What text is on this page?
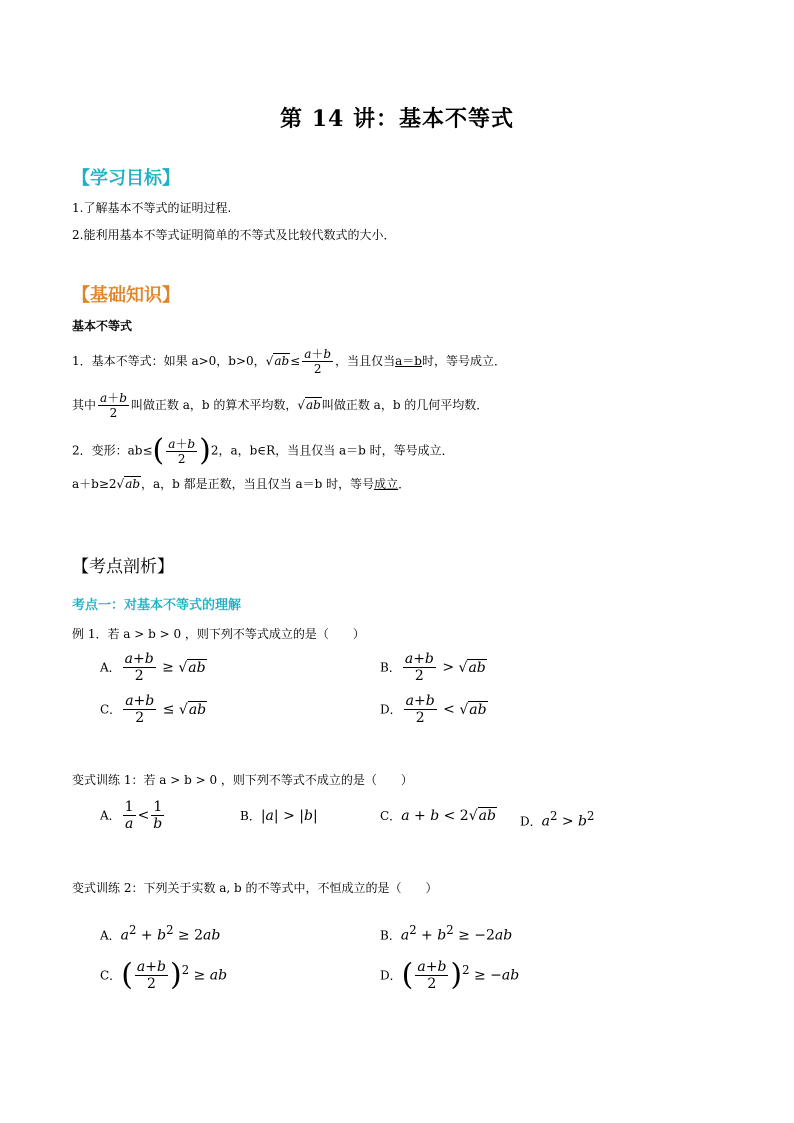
第 14 讲：基本不等式
【学习目标】
1.了解基本不等式的证明过程.
2.能利用基本不等式证明简单的不等式及比较代数式的大小．
【基础知识】
基本不等式
1．基本不等式：如果 a>0，b>0，$√ab\le \frac{a+b}{2}$ ，当且仅当a＝b时，等号成立．
其中 $\frac{a+b}{2}$ 叫做正数 a，b 的算术平均数，√ab叫做正数 a，b 的几何平均数．
2．变形：$ab\le( \frac{a+b}{2} )2$，a，b∈R，当且仅当 a＝b 时，等号成立．
a＋b≥2√ab，a，b 都是正数，当且仅当 a＝b 时，等号成立．
【考点剖析】
考点一：对基本不等式的理解
例 1．若 a > b > 0 ，则下列不等式成立的是（　　）
A． $\frac{a+b}{2} \ge √ab$	B． $\frac{a+b}{2} > √ab$
C． $\frac{a+b}{2} \le √ab$	D． $\frac{a+b}{2} < √ab$
变式训练 1：若 a > b > 0 ，则下列不等式不成立的是（　　）
A． $\frac{1}{a} < \frac{1}{b}$	B．|a| > |b|	C．a + b < 2√ab D．$a^2 > b^2$
变式训练 2：下列关于实数 a, b 的不等式中，不恒成立的是（　　）
A．$a^2 + b^2 \ge 2ab$	B．$a^2 + b^2 \ge -2ab$
C．( $\frac{a+b}{2} )^2$ ≥ ab	D．( $\frac{a+b}{2} )^2 \ge -ab$
